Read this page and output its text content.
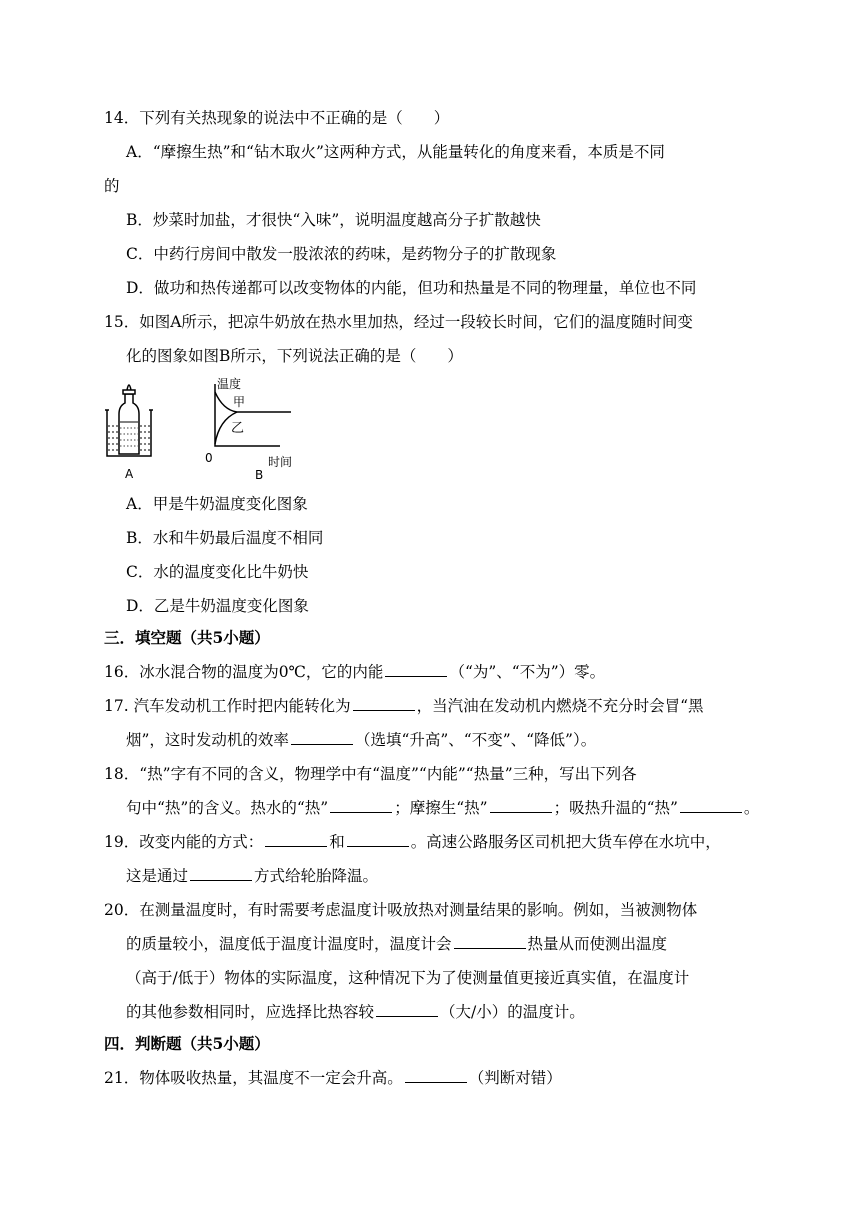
14．下列有关热现象的说法中不正确的是（　　）
A．“摩擦生热”和“钻木取火”这两种方式，从能量转化的角度来看，本质是不同
的
B．炒菜时加盐，才很快“入味”，说明温度越高分子扩散越快
C．中药行房间中散发一股浓浓的药味，是药物分子的扩散现象
D．做功和热传递都可以改变物体的内能，但功和热量是不同的物理量，单位也不同
15．如图A所示，把凉牛奶放在热水里加热，经过一段较长时间，它们的温度随时间变
化的图象如图B所示，下列说法正确的是（　　）
A
温度
甲
乙
0
B
时间
A．甲是牛奶温度变化图象
B．水和牛奶最后温度不相同
C．水的温度变化比牛奶快
D．乙是牛奶温度变化图象
三．填空题（共5小题）
16．冰水混合物的温度为0℃，它的内能	（“为”、“不为”）零。
17. 汽车发动机工作时把内能转化为	，当汽油在发动机内燃烧不充分时会冒“黑
烟”，这时发动机的效率	（选填“升高”、“不变”、“降低”）。
18．“热”字有不同的含义，物理学中有“温度”“内能”“热量”三种，写出下列各
句中“热”的含义。热水的“热”	；摩擦生“热”	；吸热升温的“热”	。
19．改变内能的方式：	和	。高速公路服务区司机把大货车停在水坑中，
这是通过	方式给轮胎降温。
20．在测量温度时，有时需要考虑温度计吸放热对测量结果的影响。例如，当被测物体
的质量较小，温度低于温度计温度时，温度计会	热量从而使测出温度
（高于/低于）物体的实际温度，这种情况下为了使测量值更接近真实值，在温度计
的其他参数相同时，应选择比热容较	（大/小）的温度计。
四．判断题（共5小题）
21．物体吸收热量，其温度不一定会升高。	（判断对错）
